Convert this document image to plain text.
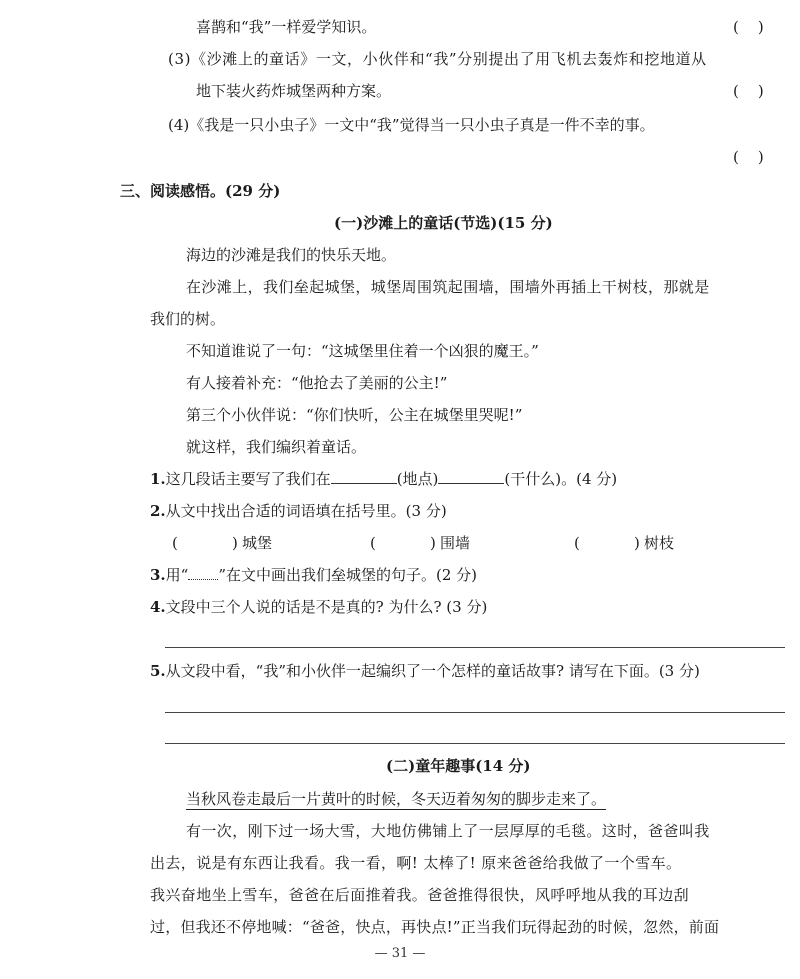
喜鹊和“我”一样爱学知识。	(　)
(3)《沙滩上的童话》一文，小伙伴和“我”分别提出了用飞机去轰炸和挖地道从
地下装火药炸城堡两种方案。	(　)
(4)《我是一只小虫子》一文中“我”觉得当一只小虫子真是一件不幸的事。
(　)
三、阅读感悟。(29 分)
(一)沙滩上的童话(节选)(15 分)
海边的沙滩是我们的快乐天地。
在沙滩上，我们垒起城堡，城堡周围筑起围墙，围墙外再插上干树枝，那就是
我们的树。
不知道谁说了一句：“这城堡里住着一个凶狠的魔王。”
有人接着补充：“他抢去了美丽的公主!”
第三个小伙伴说：“你们快听，公主在城堡里哭呢!”
就这样，我们编织着童话。
1.这几段话主要写了我们在	(地点)	(干什么)。(4 分)
2.从文中找出合适的词语填在括号里。(3 分)
(	) 城堡	(	) 围墙	(	) 树枝
3.用“ ”在文中画出我们垒城堡的句子。(2 分)
4.文段中三个人说的话是不是真的? 为什么? (3 分)
5.从文段中看，“我”和小伙伴一起编织了一个怎样的童话故事? 请写在下面。(3 分)
(二)童年趣事(14 分)
当秋风卷走最后一片黄叶的时候，冬天迈着匆匆的脚步走来了。
有一次，刚下过一场大雪，大地仿佛铺上了一层厚厚的毛毯。这时，爸爸叫我
出去，说是有东西让我看。我一看，啊! 太棒了! 原来爸爸给我做了一个雪车。
我兴奋地坐上雪车，爸爸在后面推着我。爸爸推得很快，风呼呼地从我的耳边刮
过，但我还不停地喊：“爸爸，快点，再快点!”正当我们玩得起劲的时候，忽然，前面
— 31 —
